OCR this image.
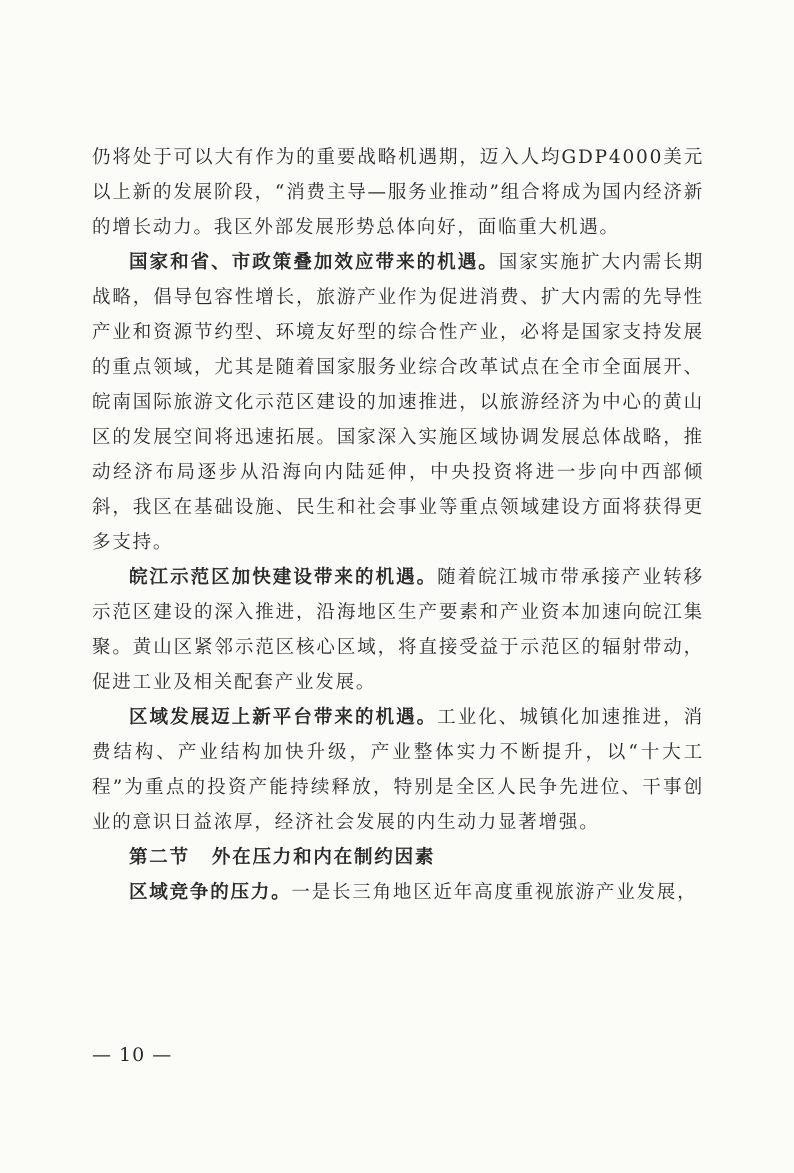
仍将处于可以大有作为的重要战略机遇期，迈入人均GDP4000美元以上新的发展阶段，“消费主导—服务业推动”组合将成为国内经济新的增长动力。我区外部发展形势总体向好，面临重大机遇。

国家和省、市政策叠加效应带来的机遇。国家实施扩大内需长期战略，倡导包容性增长，旅游产业作为促进消费、扩大内需的先导性产业和资源节约型、环境友好型的综合性产业，必将是国家支持发展的重点领域，尤其是随着国家服务业综合改革试点在全市全面展开、皖南国际旅游文化示范区建设的加速推进，以旅游经济为中心的黄山区的发展空间将迅速拓展。国家深入实施区域协调发展总体战略，推动经济布局逐步从沿海向内陆延伸，中央投资将进一步向中西部倾斜，我区在基础设施、民生和社会事业等重点领域建设方面将获得更多支持。

皖江示范区加快建设带来的机遇。随着皖江城市带承接产业转移示范区建设的深入推进，沿海地区生产要素和产业资本加速向皖江集聚。黄山区紧邻示范区核心区域，将直接受益于示范区的辐射带动，促进工业及相关配套产业发展。

区域发展迈上新平台带来的机遇。工业化、城镇化加速推进，消费结构、产业结构加快升级，产业整体实力不断提升，以“十大工程”为重点的投资产能持续释放，特别是全区人民争先进位、干事创业的意识日益浓厚，经济社会发展的内生动力显著增强。

第二节 外在压力和内在制约因素

区域竞争的压力。一是长三角地区近年高度重视旅游产业发展，

— 10 —
